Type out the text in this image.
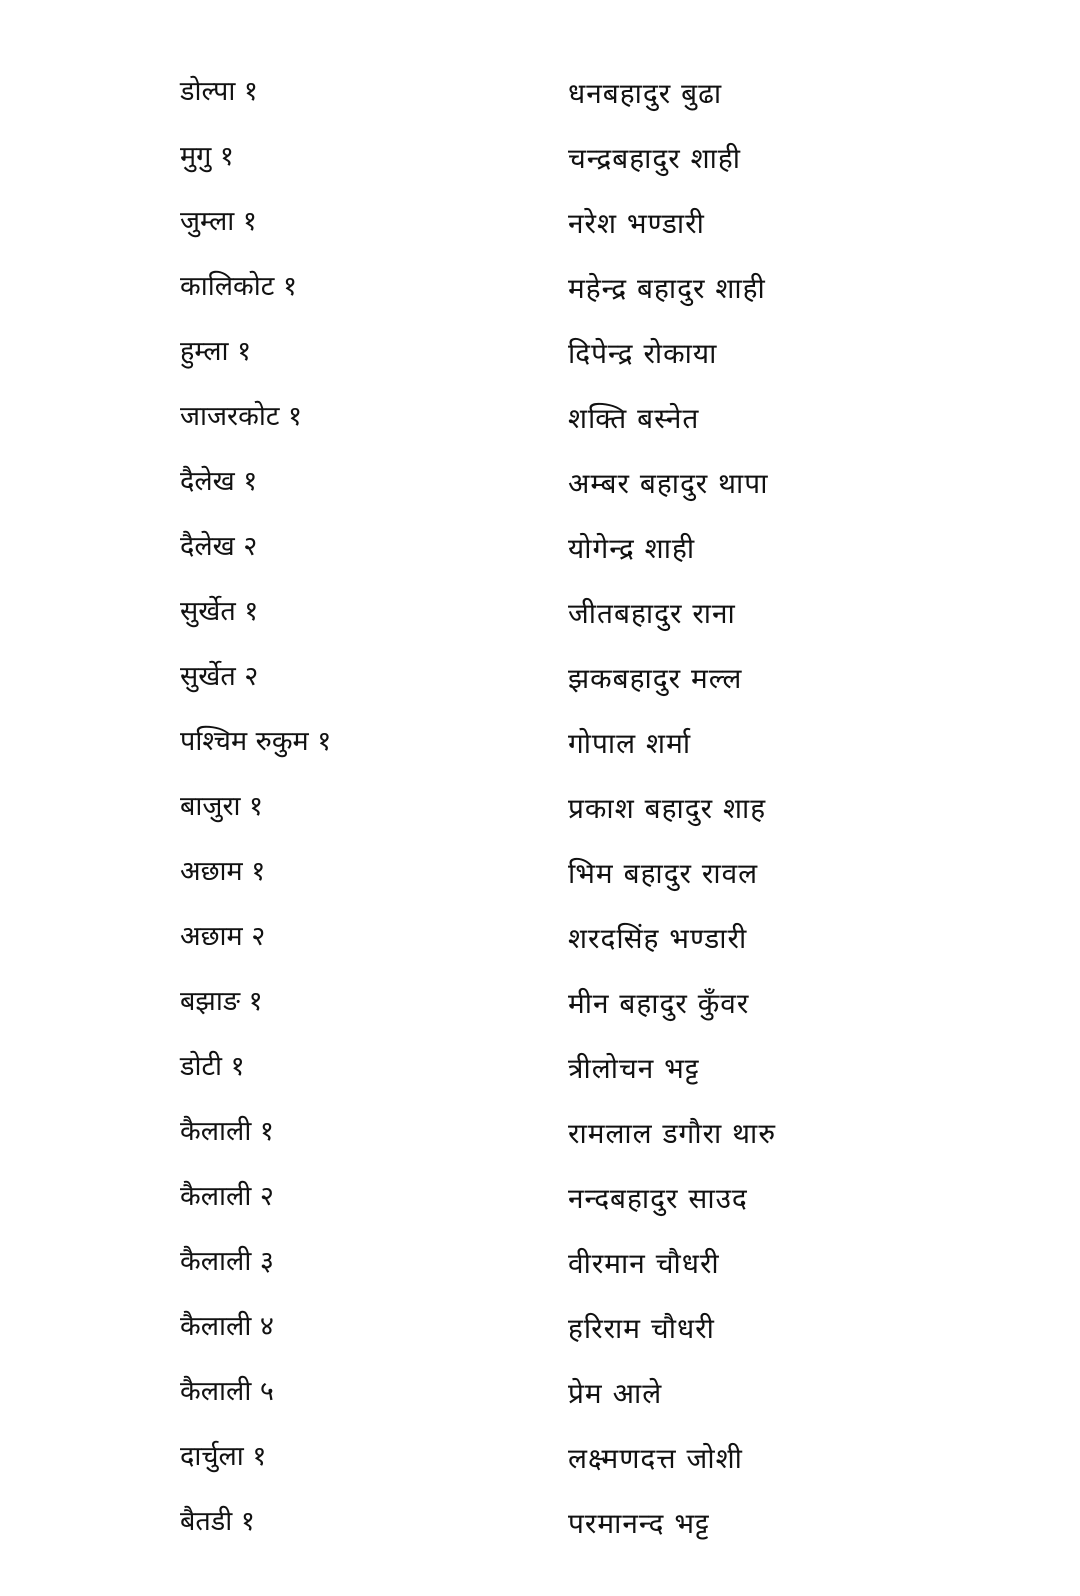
डोल्पा १	धनबहादुर बुढा
मुगु १	चन्द्रबहादुर शाही
जुम्ला १	नरेश भण्डारी
कालिकोट १	महेन्द्र बहादुर शाही
हुम्ला १	दिपेन्द्र रोकाया
जाजरकोट १	शक्ति बस्नेत
दैलेख १	अम्बर बहादुर थापा
दैलेख २	योगेन्द्र शाही
सुर्खेत १	जीतबहादुर राना
सुर्खेत २	झकबहादुर मल्ल
पश्चिम रुकुम १	गोपाल शर्मा
बाजुरा १	प्रकाश बहादुर शाह
अछाम १	भिम बहादुर रावल
अछाम २	शरदसिंह भण्डारी
बझाङ १	मीन बहादुर कुँवर
डोटी १	त्रीलोचन भट्ट
कैलाली १	रामलाल डगौरा थारु
कैलाली २	नन्दबहादुर साउद
कैलाली ३	वीरमान चौधरी
कैलाली ४	हरिराम चौधरी
कैलाली ५	प्रेम आले
दार्चुला १	लक्ष्मणदत्त जोशी
बैतडी १	परमानन्द भट्ट
